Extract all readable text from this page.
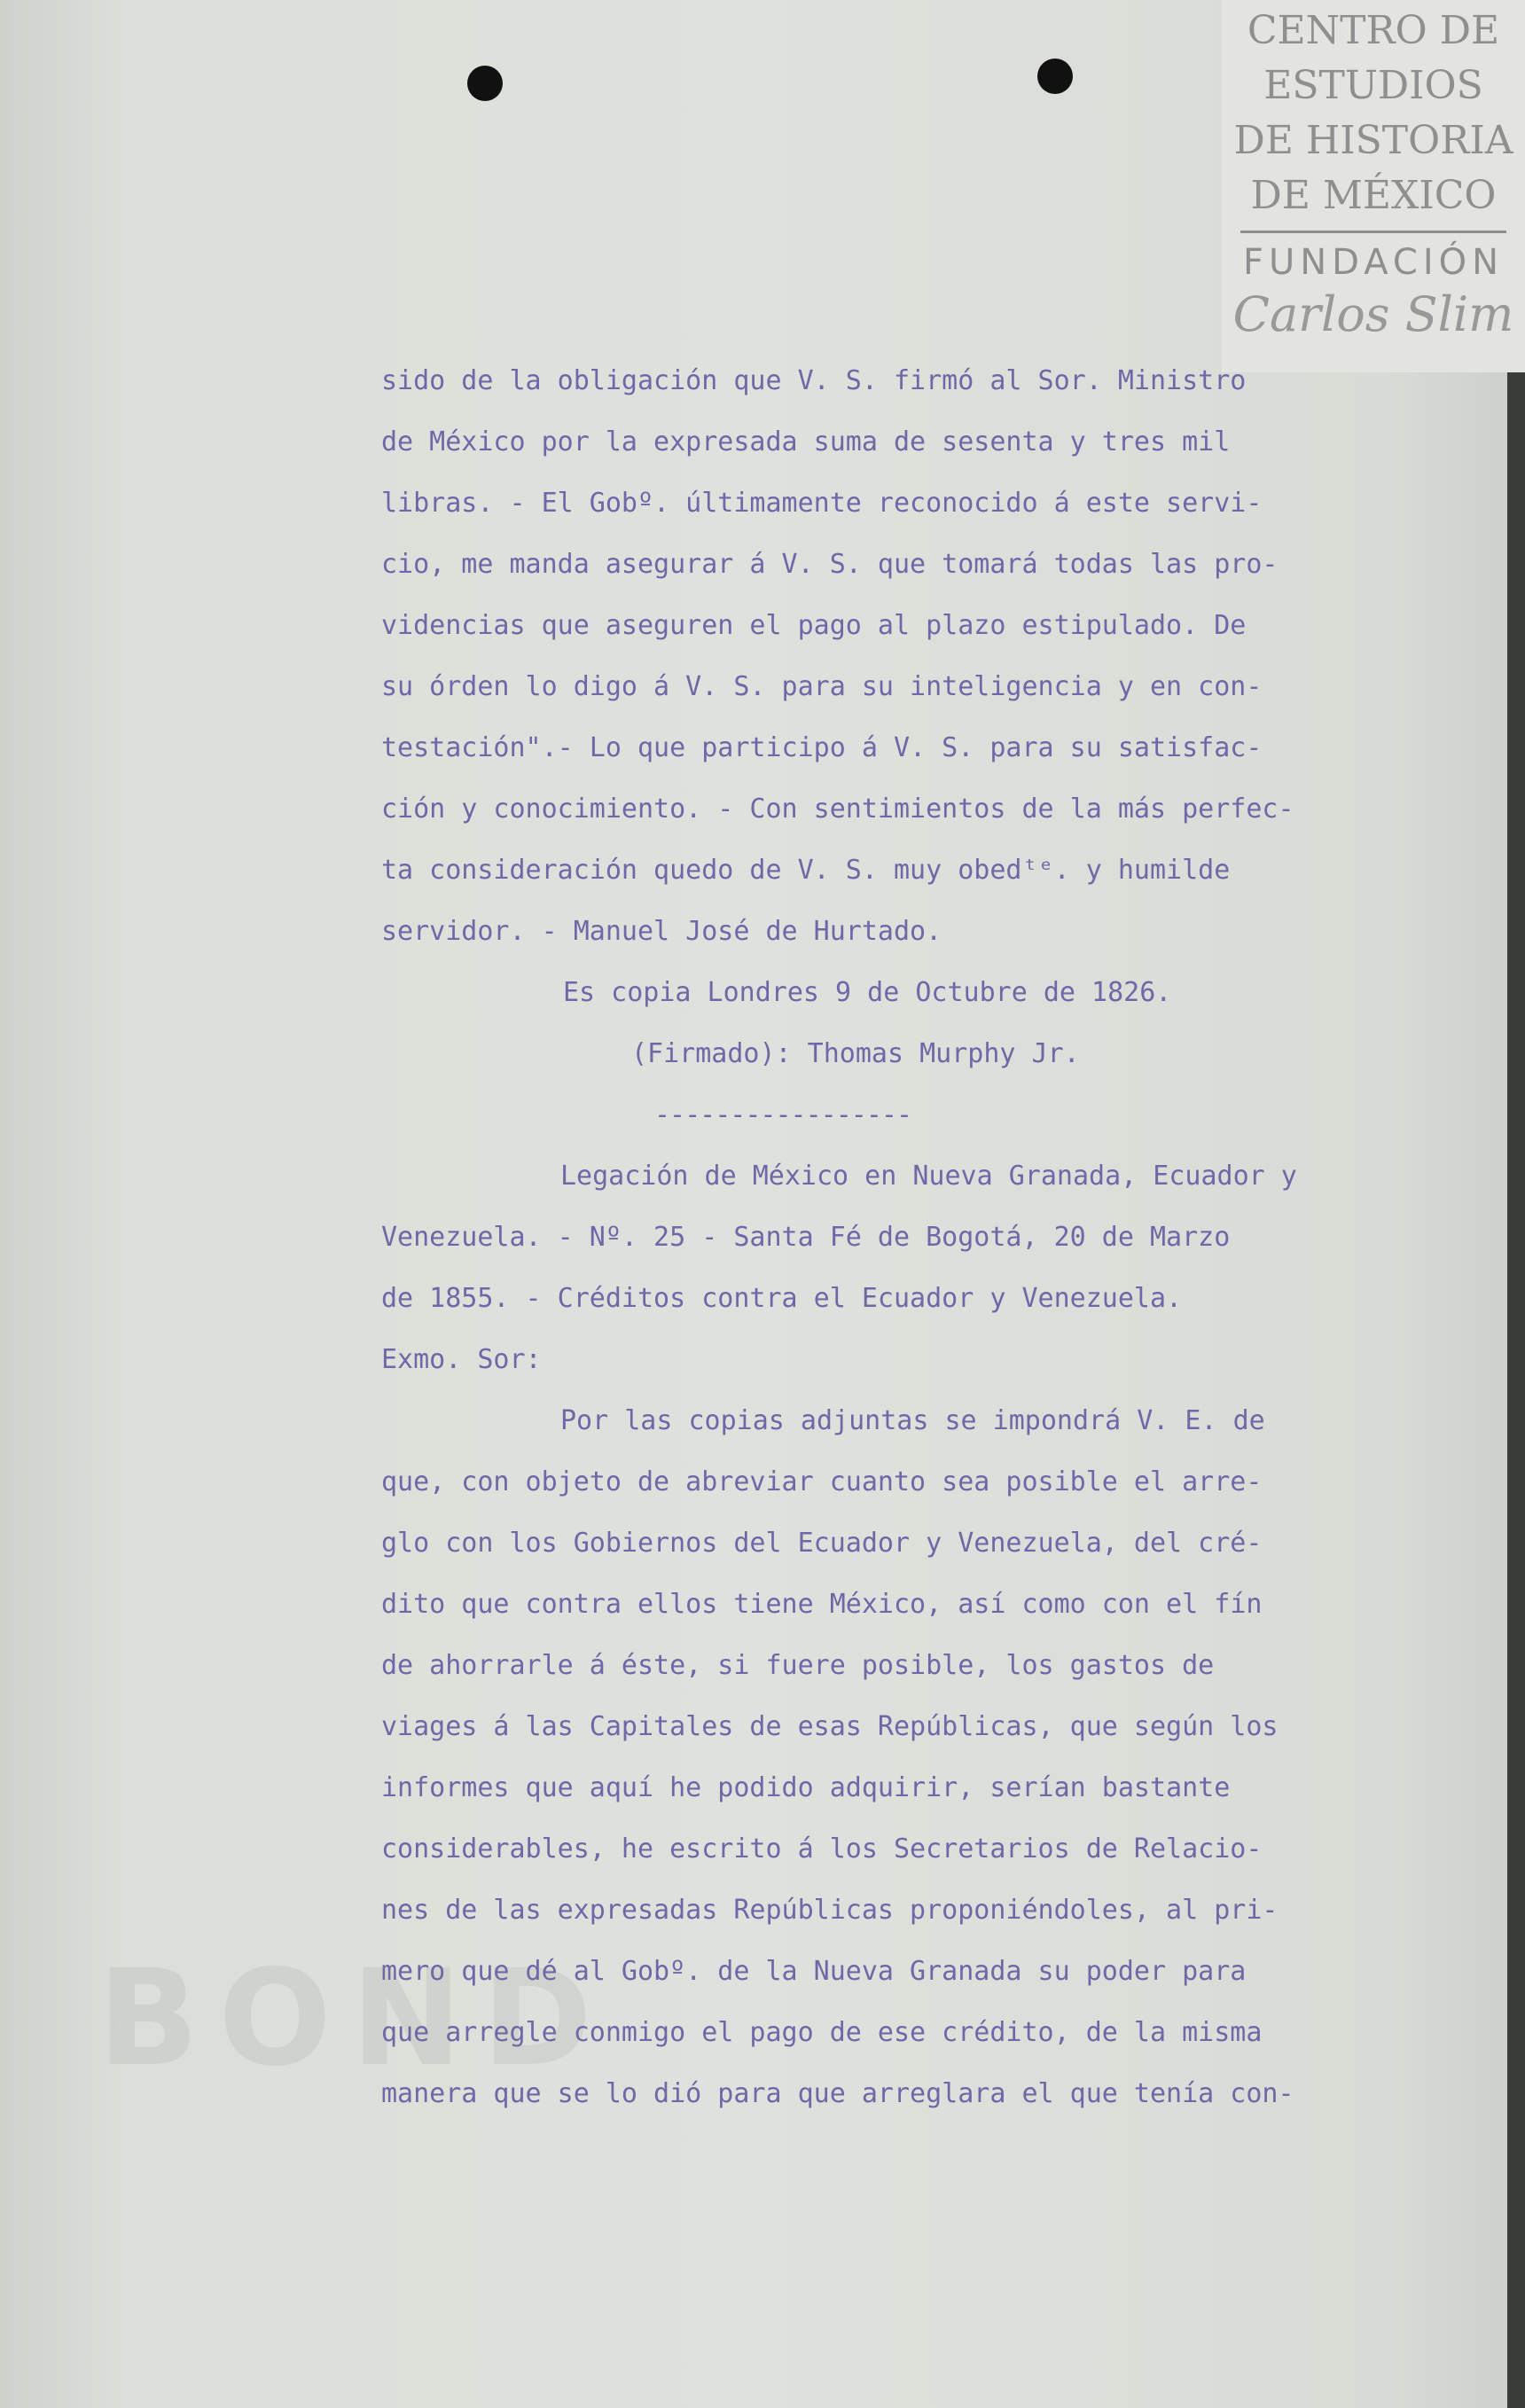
CENTRO DE
ESTUDIOS
DE HISTORIA
DE MÉXICO
FUNDACIÓN
Carlos Slim
BOND
sido de la obligación que V. S. firmó al Sor. Ministro
de México por la expresada suma de sesenta y tres mil
libras. - El Gobº. últimamente reconocido á este servi-
cio, me manda asegurar á V. S. que tomará todas las pro-
videncias que aseguren el pago al plazo estipulado. De
su órden lo digo á V. S. para su inteligencia y en con-
testación".- Lo que participo á V. S. para su satisfac-
ción y conocimiento. - Con sentimientos de la más perfec-
ta consideración quedo de V. S. muy obedᵗᵉ. y humilde
servidor. - Manuel José de Hurtado.
Es copia Londres 9 de Octubre de 1826.
(Firmado): Thomas Murphy Jr.
-----------------
Legación de México en Nueva Granada, Ecuador y
Venezuela. - Nº. 25 - Santa Fé de Bogotá, 20 de Marzo
de 1855. - Créditos contra el Ecuador y Venezuela.
Exmo. Sor:
Por las copias adjuntas se impondrá V. E. de
que, con objeto de abreviar cuanto sea posible el arre-
glo con los Gobiernos del Ecuador y Venezuela, del cré-
dito que contra ellos tiene México, así como con el fín
de ahorrarle á éste, si fuere posible, los gastos de
viages á las Capitales de esas Repúblicas, que según los
informes que aquí he podido adquirir, serían bastante
considerables, he escrito á los Secretarios de Relacio-
nes de las expresadas Repúblicas proponiéndoles, al pri-
mero que dé al Gobº. de la Nueva Granada su poder para
que arregle conmigo el pago de ese crédito, de la misma
manera que se lo dió para que arreglara el que tenía con-
